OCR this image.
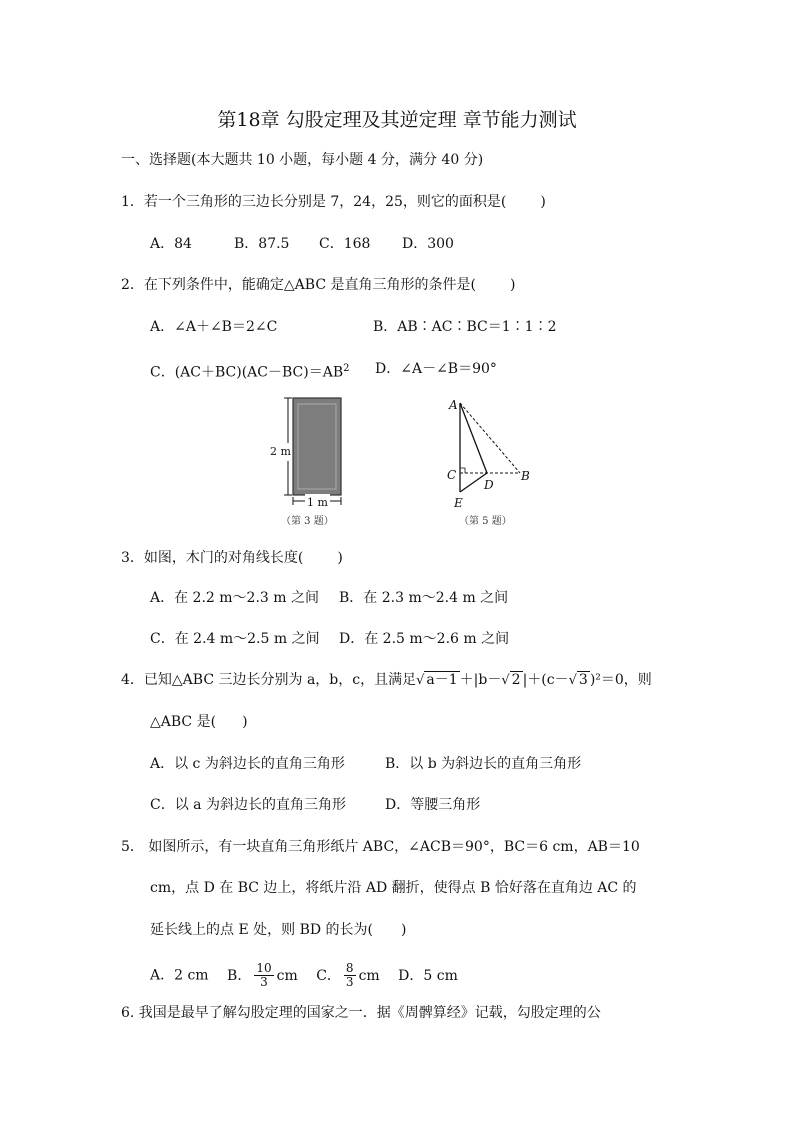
第18章 勾股定理及其逆定理 章节能力测试
一、选择题(本大题共 10 小题，每小题 4 分，满分 40 分)
1．若一个三角形的三边长分别是 7，24，25，则它的面积是( )
A．84	B．87.5 C．168 D．300
2．在下列条件中，能确定△ABC 是直角三角形的条件是( )
A．∠A＋∠B＝2∠C	B．AB∶AC∶BC＝1∶1∶2
C．$(AC+BC)(AC-BC)=AB^2$ D．∠A－∠B＝90°
2 m
1 m
（第 3 题）
A
C
D
B
E
（第 5 题）
3．如图，木门的对角线长度( )
A．在 2.2 m～2.3 m 之间 B．在 2.3 m～2.4 m 之间
C．在 2.4 m～2.5 m 之间 D．在 2.5 m～2.6 m 之间
4．已知△ABC 三边长分别为 a，b，c，且满足√ a－1 ＋|b－√ 2 |＋(c－√ 3 )²＝0，则
△ABC 是( )
A．以 c 为斜边长的直角三角形	B．以 b 为斜边长的直角三角形
C．以 a 为斜边长的直角三角形	D．等腰三角形
5． 如图所示，有一块直角三角形纸片 ABC，∠ACB＝90°，BC＝6 cm，AB＝10
cm，点 D 在 BC 边上，将纸片沿 AD 翻折，使得点 B 恰好落在直角边 AC 的
延长线上的点 E 处，则 BD 的长为( )
A．2 cm B． $\frac{10}{3}$ cm C． $\frac{8}{3}$ cm D．5 cm
6. 我国是最早了解勾股定理的国家之一．据《周髀算经》记载，勾股定理的公
